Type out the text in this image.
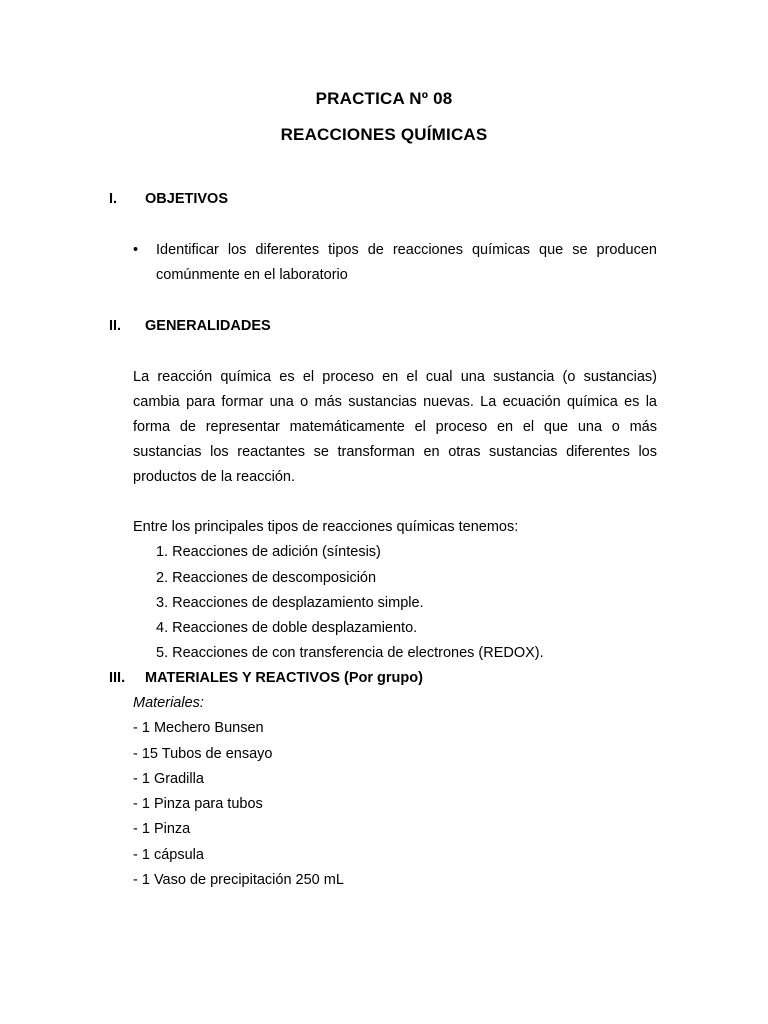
PRACTICA Nº 08
REACCIONES QUÍMICAS
I. OBJETIVOS
• Identificar los diferentes tipos de reacciones químicas que se producen comúnmente en el laboratorio
II. GENERALIDADES
La reacción química es el proceso en el cual una sustancia (o sustancias) cambia para formar una o más sustancias nuevas. La ecuación química es la forma de representar matemáticamente el proceso en el que una o más sustancias los reactantes se transforman en otras sustancias diferentes los productos de la reacción.
Entre los principales tipos de reacciones químicas tenemos:
1. Reacciones de adición (síntesis)
2. Reacciones de descomposición
3. Reacciones de desplazamiento simple.
4. Reacciones de doble desplazamiento.
5. Reacciones de con transferencia de electrones (REDOX).
III. MATERIALES Y REACTIVOS (Por grupo)
Materiales:
- 1 Mechero Bunsen
- 15 Tubos de ensayo
- 1 Gradilla
- 1 Pinza para tubos
- 1 Pinza
- 1 cápsula
- 1 Vaso de precipitación 250 mL
